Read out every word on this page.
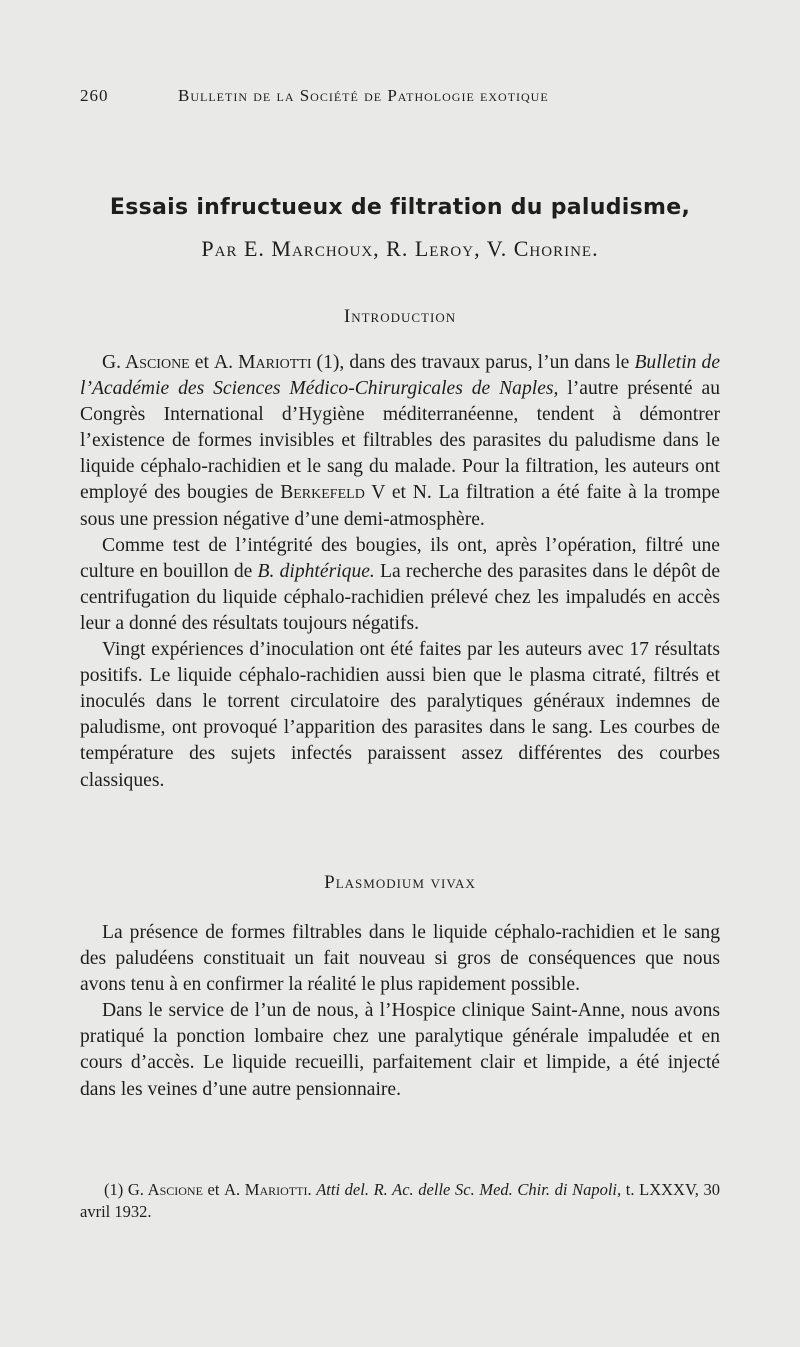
260	Bulletin de la Société de Pathologie exotique
Essais infructueux de filtration du paludisme,
Par E. Marchoux, R. Leroy, V. Chorine.
Introduction

G. Ascione et A. Mariotti (1), dans des travaux parus, l’un dans le Bulletin de l’Académie des Sciences Médico-Chirurgicales de Naples, l’autre présenté au Congrès International d’Hygiène méditerranéenne, tendent à démontrer l’existence de formes invisibles et filtrables des parasites du paludisme dans le liquide céphalo-rachidien et le sang du malade. Pour la filtration, les auteurs ont employé des bougies de Berkefeld V et N. La filtration a été faite à la trompe sous une pression négative d’une demi-atmosphère.

Comme test de l’intégrité des bougies, ils ont, après l’opération, filtré une culture en bouillon de B. diphtérique. La recherche des parasites dans le dépôt de centrifugation du liquide céphalo-rachidien prélevé chez les impaludés en accès leur a donné des résultats toujours négatifs.

Vingt expériences d’inoculation ont été faites par les auteurs avec 17 résultats positifs. Le liquide céphalo-rachidien aussi bien que le plasma citraté, filtrés et inoculés dans le torrent circulatoire des paralytiques généraux indemnes de paludisme, ont provoqué l’apparition des parasites dans le sang. Les courbes de température des sujets infectés paraissent assez différentes des courbes classiques.

Plasmodium vivax

La présence de formes filtrables dans le liquide céphalo-rachidien et le sang des paludéens constituait un fait nouveau si gros de conséquences que nous avons tenu à en confirmer la réalité le plus rapidement possible.

Dans le service de l’un de nous, à l’Hospice clinique Saint-Anne, nous avons pratiqué la ponction lombaire chez une paralytique générale impaludée et en cours d’accès. Le liquide recueilli, parfaitement clair et limpide, a été injecté dans les veines d’une autre pensionnaire.

(1) G. Ascione et A. Mariotti. Atti del. R. Ac. delle Sc. Med. Chir. di Napoli, t. LXXXV, 30 avril 1932.
